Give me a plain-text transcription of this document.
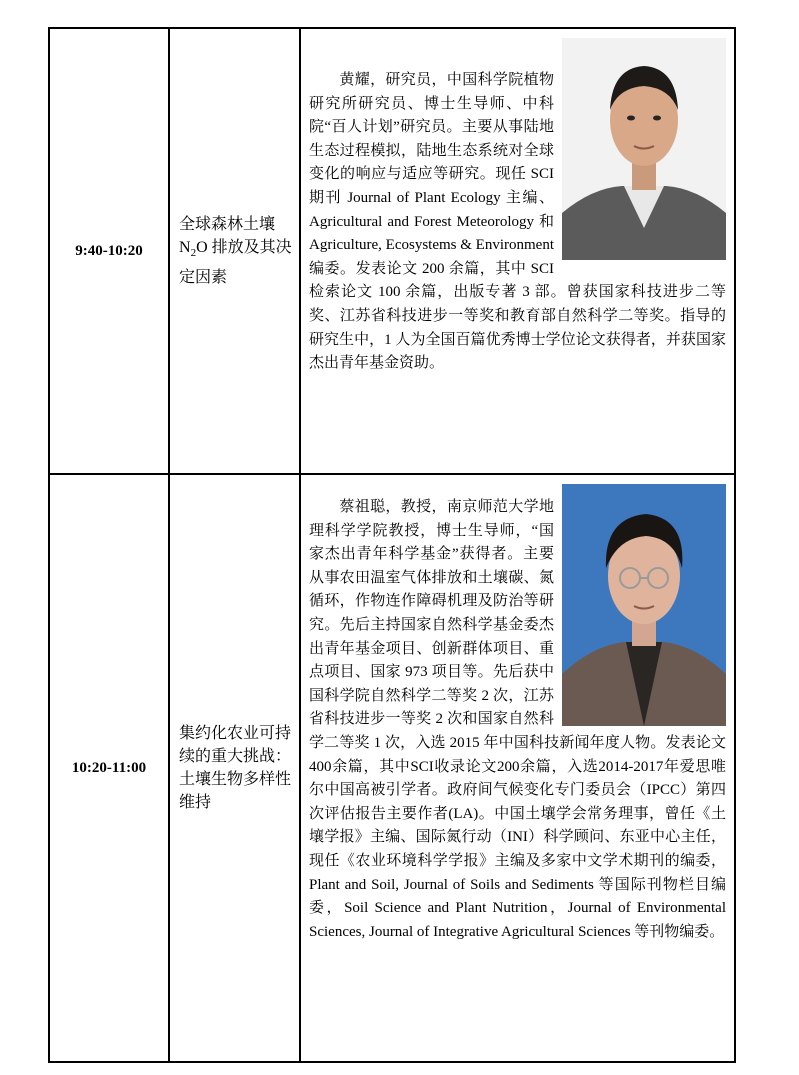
9:40-10:20	全球森林土壤$N_2O$ 排放及其决定因素	黄耀，研究员，中国科学院植物研究所研究员、博士生导师、中科院“百人计划”研究员。主要从事陆地生态过程模拟，陆地生态系统对全球变化的响应与适应等研究。现任 SCI 期刊 Journal of Plant Ecology 主编、Agricultural and Forest Meteorology 和 Agriculture, Ecosystems & Environment 编委。发表论文 200 余篇，其中 SCI 检索论文 100 余篇，出版专著 3 部。曾获国家科技进步二等奖、江苏省科技进步一等奖和教育部自然科学二等奖。指导的研究生中，1 人为全国百篇优秀博士学位论文获得者，并获国家杰出青年基金资助。

10:20-11:00	集约化农业可持续的重大挑战：土壤生物多样性维持	蔡祖聪，教授，南京师范大学地理科学学院教授，博士生导师，“国家杰出青年科学基金”获得者。主要从事农田温室气体排放和土壤碳、氮循环，作物连作障碍机理及防治等研究。先后主持国家自然科学基金委杰出青年基金项目、创新群体项目、重点项目、国家 973 项目等。先后获中国科学院自然科学二等奖 2 次，江苏省科技进步一等奖 2 次和国家自然科学二等奖 1 次，入选 2015 年中国科技新闻年度人物。发表论文 400余篇，其中SCI收录论文200余篇，入选2014-2017年爱思唯尔中国高被引学者。政府间气候变化专门委员会（IPCC）第四次评估报告主要作者(LA)。中国土壤学会常务理事，曾任《土壤学报》主编、国际氮行动（INI）科学顾问、东亚中心主任，现任《农业环境科学学报》主编及多家中文学术期刊的编委，Plant and Soil, Journal of Soils and Sediments 等国际刊物栏目编委，Soil Science and Plant Nutrition，Journal of Environmental Sciences, Journal of Integrative Agricultural Sciences 等刊物编委。
